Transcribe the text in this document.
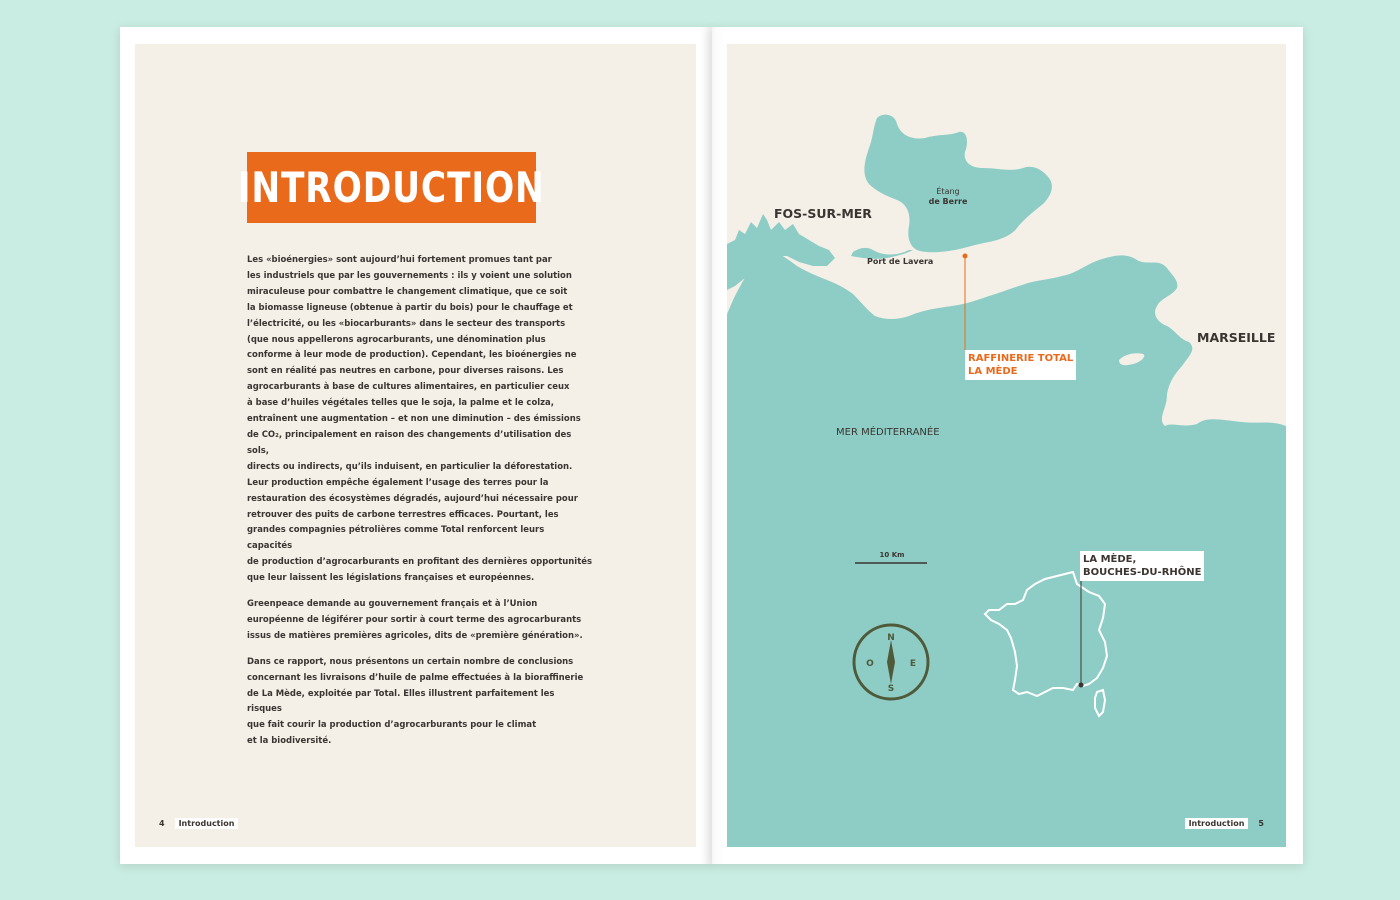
INTRODUCTION

Les «bioénergies» sont aujourd’hui fortement promues tant par
les industriels que par les gouvernements : ils y voient une solution
miraculeuse pour combattre le changement climatique, que ce soit
la biomasse ligneuse (obtenue à partir du bois) pour le chauffage et
l’électricité, ou les «biocarburants» dans le secteur des transports
(que nous appellerons agrocarburants, une dénomination plus
conforme à leur mode de production). Cependant, les bioénergies ne
sont en réalité pas neutres en carbone, pour diverses raisons. Les
agrocarburants à base de cultures alimentaires, en particulier ceux
à base d’huiles végétales telles que le soja, la palme et le colza,
entraînent une augmentation – et non une diminution – des émissions
de CO₂, principalement en raison des changements d’utilisation des sols,
directs ou indirects, qu’ils induisent, en particulier la déforestation.
Leur production empêche également l’usage des terres pour la
restauration des écosystèmes dégradés, aujourd’hui nécessaire pour
retrouver des puits de carbone terrestres efficaces. Pourtant, les
grandes compagnies pétrolières comme Total renforcent leurs capacités
de production d’agrocarburants en profitant des dernières opportunités
que leur laissent les législations françaises et européennes.

Greenpeace demande au gouvernement français et à l’Union
européenne de légiférer pour sortir à court terme des agrocarburants
issus de matières premières agricoles, dits de «première génération».

Dans ce rapport, nous présentons un certain nombre de conclusions
concernant les livraisons d’huile de palme effectuées à la bioraffinerie
de La Mède, exploitée par Total. Elles illustrent parfaitement les risques
que fait courir la production d’agrocarburants pour le climat
et la biodiversité.

4	Introduction
FOS-SUR-MER
Étang
de Berre
Port de Lavera
MARSEILLE
MER MÉDITERRANÉE
10 Km
N
S
E
O
RAFFINERIE TOTAL
LA MÈDE
LA MÈDE,
BOUCHES-DU-RHÔNE
Introduction	5
